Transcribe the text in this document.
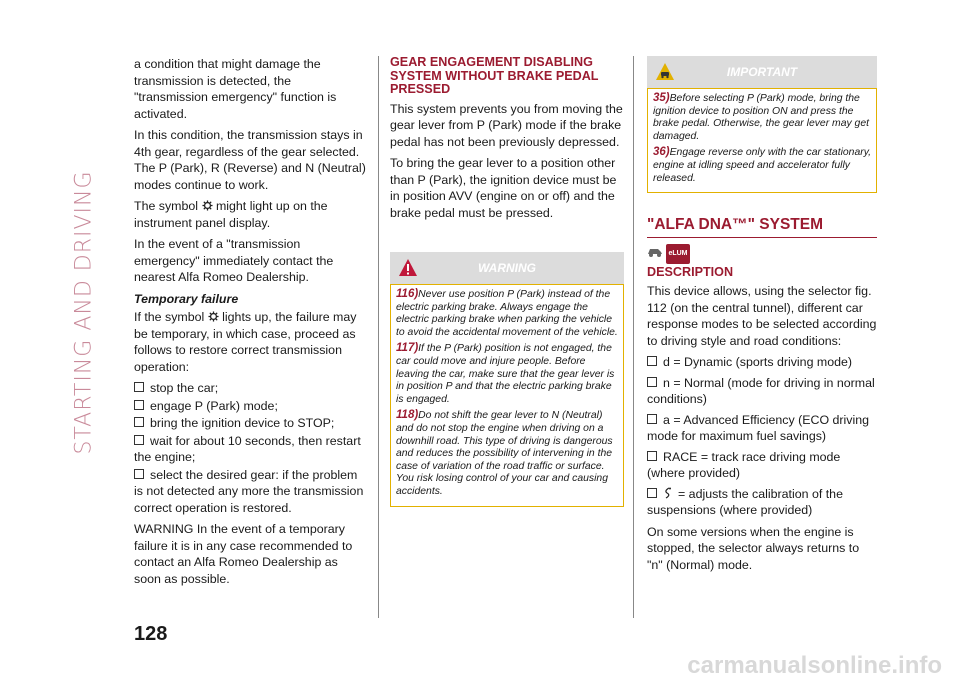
STARTING AND DRIVING

a condition that might damage the transmission is detected, the "transmission emergency" function is activated.

In this condition, the transmission stays in 4th gear, regardless of the gear selected. The P (Park), R (Reverse) and N (Neutral) modes continue to work.

The symbol might light up on the instrument panel display.

In the event of a "transmission emergency" immediately contact the nearest Alfa Romeo Dealership.

Temporary failure

If the symbol lights up, the failure may be temporary, in which case, proceed as follows to restore correct transmission operation:

stop the car;
engage P (Park) mode;
bring the ignition device to STOP;
wait for about 10 seconds, then restart the engine;
select the desired gear: if the problem is not detected any more the transmission correct operation is restored.

WARNING In the event of a temporary failure it is in any case recommended to contact an Alfa Romeo Dealership as soon as possible.

GEAR ENGAGEMENT DISABLING SYSTEM WITHOUT BRAKE PEDAL PRESSED

This system prevents you from moving the gear lever from P (Park) mode if the brake pedal has not been previously depressed.

To bring the gear lever to a position other than P (Park), the ignition device must be in position AVV (engine on or off) and the brake pedal must be pressed.

WARNING

116)Never use position P (Park) instead of the electric parking brake. Always engage the electric parking brake when parking the vehicle to avoid the accidental movement of the vehicle.

117)If the P (Park) position is not engaged, the car could move and injure people. Before leaving the car, make sure that the gear lever is in position P and that the electric parking brake is engaged.

118)Do not shift the gear lever to N (Neutral) and do not stop the engine when driving on a downhill road. This type of driving is dangerous and reduces the possibility of intervening in the case of variation of the road traffic or surface. You risk losing control of your car and causing accidents.

IMPORTANT

35)Before selecting P (Park) mode, bring the ignition device to position ON and press the brake pedal. Otherwise, the gear lever may get damaged.

36)Engage reverse only with the car stationary, engine at idling speed and accelerator fully released.

"ALFA DNA™" SYSTEM
eLUM
DESCRIPTION

This device allows, using the selector fig. 112 (on the central tunnel), different car response modes to be selected according to driving style and road conditions:

d = Dynamic (sports driving mode)
n = Normal (mode for driving in normal conditions)
a = Advanced Efficiency (ECO driving mode for maximum fuel savings)
RACE = track race driving mode (where provided)
= adjusts the calibration of the suspensions (where provided)

On some versions when the engine is stopped, the selector always returns to "n" (Normal) mode.

128
carmanualsonline.info
